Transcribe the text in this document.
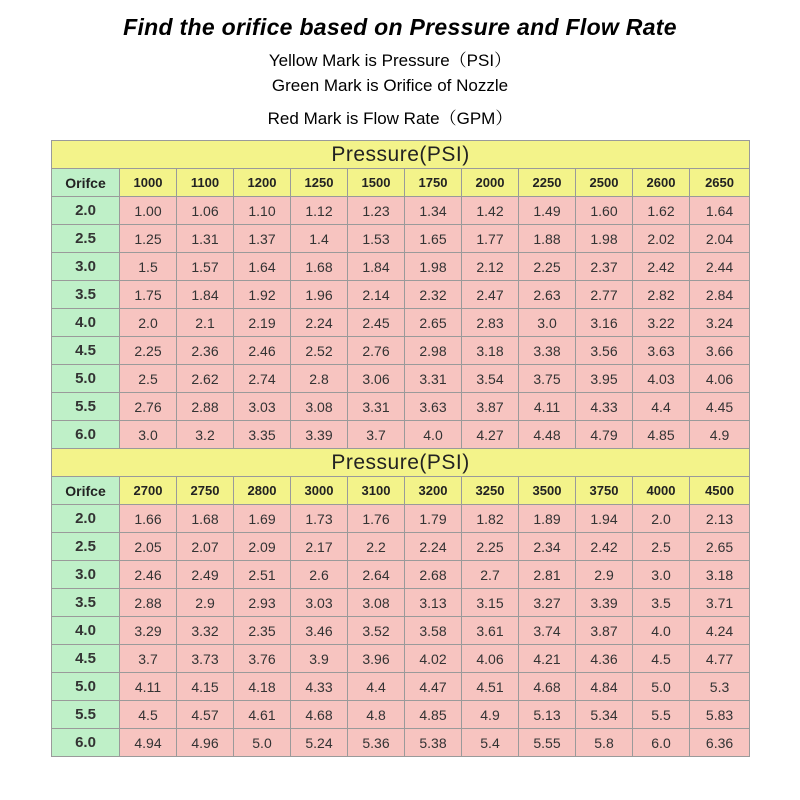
Find the orifice based on Pressure and Flow Rate
Yellow Mark is Pressure（PSI）
Green Mark is Orifice of Nozzle
Red Mark is Flow Rate（GPM）
Pressure(PSI)											
Orifce	1000	1100	1200	1250	1500	1750	2000	2250	2500	2600	2650
2.0	1.00	1.06	1.10	1.12	1.23	1.34	1.42	1.49	1.60	1.62	1.64
2.5	1.25	1.31	1.37	1.4	1.53	1.65	1.77	1.88	1.98	2.02	2.04
3.0	1.5	1.57	1.64	1.68	1.84	1.98	2.12	2.25	2.37	2.42	2.44
3.5	1.75	1.84	1.92	1.96	2.14	2.32	2.47	2.63	2.77	2.82	2.84
4.0	2.0	2.1	2.19	2.24	2.45	2.65	2.83	3.0	3.16	3.22	3.24
4.5	2.25	2.36	2.46	2.52	2.76	2.98	3.18	3.38	3.56	3.63	3.66
5.0	2.5	2.62	2.74	2.8	3.06	3.31	3.54	3.75	3.95	4.03	4.06
5.5	2.76	2.88	3.03	3.08	3.31	3.63	3.87	4.11	4.33	4.4	4.45
6.0	3.0	3.2	3.35	3.39	3.7	4.0	4.27	4.48	4.79	4.85	4.9
Pressure(PSI)											
Orifce	2700	2750	2800	3000	3100	3200	3250	3500	3750	4000	4500
2.0	1.66	1.68	1.69	1.73	1.76	1.79	1.82	1.89	1.94	2.0	2.13
2.5	2.05	2.07	2.09	2.17	2.2	2.24	2.25	2.34	2.42	2.5	2.65
3.0	2.46	2.49	2.51	2.6	2.64	2.68	2.7	2.81	2.9	3.0	3.18
3.5	2.88	2.9	2.93	3.03	3.08	3.13	3.15	3.27	3.39	3.5	3.71
4.0	3.29	3.32	2.35	3.46	3.52	3.58	3.61	3.74	3.87	4.0	4.24
4.5	3.7	3.73	3.76	3.9	3.96	4.02	4.06	4.21	4.36	4.5	4.77
5.0	4.11	4.15	4.18	4.33	4.4	4.47	4.51	4.68	4.84	5.0	5.3
5.5	4.5	4.57	4.61	4.68	4.8	4.85	4.9	5.13	5.34	5.5	5.83
6.0	4.94	4.96	5.0	5.24	5.36	5.38	5.4	5.55	5.8	6.0	6.36
